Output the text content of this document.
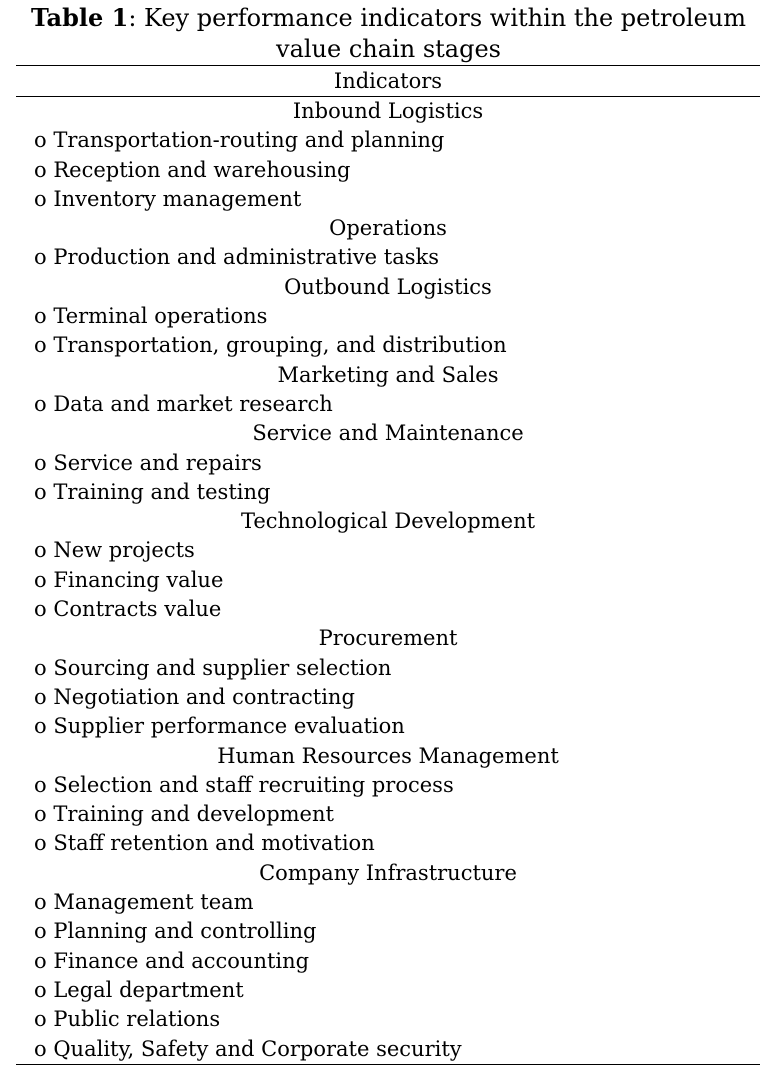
Table 1: Key performance indicators within the petroleum value chain stages
Indicators
Inbound Logistics
o Transportation-routing and planning
o Reception and warehousing
o Inventory management
Operations
o Production and administrative tasks
Outbound Logistics
o Terminal operations
o Transportation, grouping, and distribution
Marketing and Sales
o Data and market research
Service and Maintenance
o Service and repairs
o Training and testing
Technological Development
o New projects
o Financing value
o Contracts value
Procurement
o Sourcing and supplier selection
o Negotiation and contracting
o Supplier performance evaluation
Human Resources Management
o Selection and staff recruiting process
o Training and development
o Staff retention and motivation
Company Infrastructure
o Management team
o Planning and controlling
o Finance and accounting
o Legal department
o Public relations
o Quality, Safety and Corporate security
